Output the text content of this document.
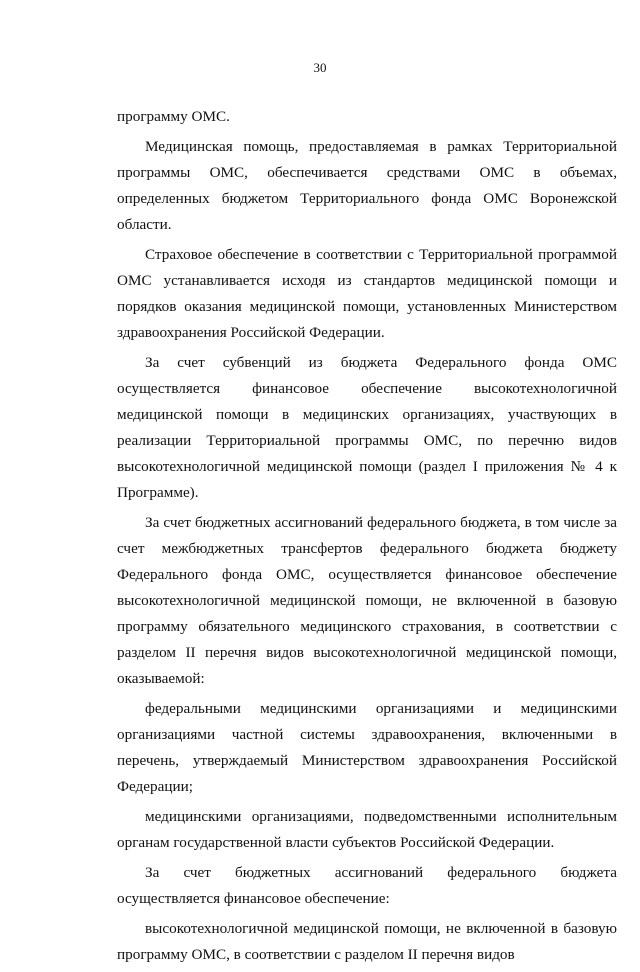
30

программу ОМС.

Медицинская помощь, предоставляемая в рамках Территориальной программы ОМС, обеспечивается средствами ОМС в объемах, определенных бюджетом Территориального фонда ОМС Воронежской области.

Страховое обеспечение в соответствии с Территориальной программой ОМС устанавливается исходя из стандартов медицинской помощи и порядков оказания медицинской помощи, установленных Министерством здравоохранения Российской Федерации.

За счет субвенций из бюджета Федерального фонда ОМС осуществляется финансовое обеспечение высокотехнологичной медицинской помощи в медицинских организациях, участвующих в реализации Территориальной программы ОМС, по перечню видов высокотехнологичной медицинской помощи (раздел I приложения № 4 к Программе).

За счет бюджетных ассигнований федерального бюджета, в том числе за счет межбюджетных трансфертов федерального бюджета бюджету Федерального фонда ОМС, осуществляется финансовое обеспечение высокотехнологичной медицинской помощи, не включенной в базовую программу обязательного медицинского страхования, в соответствии с разделом II перечня видов высокотехнологичной медицинской помощи, оказываемой:

федеральными медицинскими организациями и медицинскими организациями частной системы здравоохранения, включенными в перечень, утверждаемый Министерством здравоохранения Российской Федерации;

медицинскими организациями, подведомственными исполнительным органам государственной власти субъектов Российской Федерации.

За счет бюджетных ассигнований федерального бюджета осуществляется финансовое обеспечение:

высокотехнологичной медицинской помощи, не включенной в базовую программу ОМС, в соответствии с разделом II перечня видов
